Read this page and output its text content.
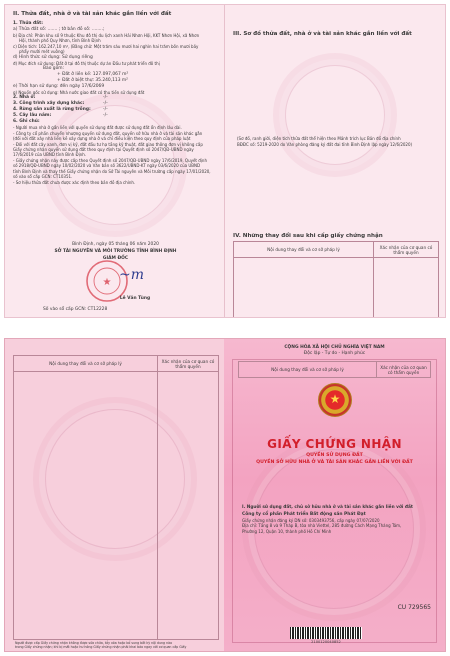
II. Thửa đất, nhà ở và tài sản khác gắn liền với đất
1. Thửa đất:
a) Thửa đất số: ....... ; tờ bản đồ số: ........;
b) Địa chỉ: Phân khu số 9 thuộc Khu đô thị du lịch xanh Hải Nhơn Hội, KKT Nhơn Hội, xã Nhơn
Hội, thành phố Quy Nhơn, tỉnh Bình Định
c) Diện tích: 162.247,10 m², (Bằng chữ: Một trăm sáu mươi hai nghìn hai trăm bốn mươi bảy
phẩy mười mét vuông)
d) Hình thức sử dụng: Sử dụng riêng
đ) Mục đích sử dụng: Đất ở tại đô thị thuộc dự án Đầu tư phát triển đô thị
Bao gồm:
+ Đất ở liền kề: 127.097,067 m²
+ Đất ở biệt thự: 35.240,113 m²
e) Thời hạn sử dụng: đến ngày 17/6/2069
g) Nguồn gốc sử dụng: Nhà nước giao đất có thu tiền sử dụng đất
2. Nhà ở:	-/-
3. Công trình xây dựng khác:	-/-
4. Rừng sản xuất là rừng trồng:	-/-
5. Cây lâu năm:	-/-
6. Ghi chú:
- Người mua nhà ở gắn liền với quyền sử dụng đất được sử dụng đất ổn định lâu dài.
- Công ty cổ phần chuyển nhượng quyền sử dụng đất, quyền sở hữu nhà ở và tài sản khác gắn
(đối với đất xây nhà liền kề xây dựng nhà ở và chỉ điều kiện theo quy định của pháp luật
- Đối với đất cây xanh, đơn vị kỹ, đất đầu tư hạ tầng kỹ thuật, đất giao thông đơn vị không cấp
Giấy chứng nhận quyền sử dụng đất theo quy định tại Quyết định số 2047/QĐ-UBND ngày
17/6/2019 của UBND tỉnh Bình Định.
- Giấy chứng nhận này được cấp theo Quyết định số 2047/QĐ-UBND ngày 17/6/2019, Quyết định
số 2918/QĐ-UBND ngày 10/02/2020 và Văn bản số 3622/UBND-KT ngày 03/6/2020 của UBND
tỉnh Bình Định và thay thế Giấy chứng nhận do Sở Tài nguyên và Môi trường cấp ngày 17/01/2020,
số vào sổ cấp GCN: CT10351.
- Sơ hiệu thửa đất chưa được xác định theo bản đồ địa chính.
Bình Định, ngày 05 tháng 06 năm 2020
SỞ TÀI NGUYÊN VÀ MÔI TRƯỜNG TỈNH BÌNH ĐỊNH
GIÁM ĐỐC
★ ~m
Lê Văn Tùng
Số vào sổ cấp GCN: CT12228
III. Sơ đồ thửa đất, nhà ở và tài sản khác gắn liền với đất
(Sơ đồ, ranh giới, diện tích thửa đất thể hiện theo Mảnh trích lục Bản đồ địa chính
BĐĐC số: 5219-2020 do Văn phòng đăng ký đất đai tỉnh Bình Định lập ngày 12/6/2020)
IV. Những thay đổi sau khi cấp giấy chứng nhận
Nội dung thay đổi và cơ sở pháp lý	Xác nhận của cơ quan có thẩm quyền

Nội dung thay đổi và cơ sở pháp lý	Xác nhận của cơ quan có thẩm quyền

Người được cấp Giấy chứng nhận không được sửa chữa, tẩy xóa hoặc bổ sung bất kỳ nội dung nào
trong Giấy chứng nhận; khi bị mất hoặc hư hỏng Giấy chứng nhận phải khai báo ngay với cơ quan cấp Giấy
CỘNG HÒA XÃ HỘI CHỦ NGHĨA VIỆT NAM
Độc lập - Tự do - Hạnh phúc
Nội dung thay đổi và cơ sở pháp lý	Xác nhận của cơ quan có thẩm quyền
★
GIẤY CHỨNG NHẬN
QUYỀN SỬ DỤNG ĐẤT
QUYỀN SỞ HỮU NHÀ Ở VÀ TÀI SẢN KHÁC GẮN LIỀN VỚI ĐẤT
I. Người sử dụng đất, chủ sở hữu nhà ở và tài sản khác gắn liền với đất
Công ty cổ phần Phát triển Bất động sản Phát Đạt
Giấy chứng nhận đăng ký DN số: 0303493756, cấp ngày 07/07/2020
Địa chỉ: Tầng 8 và 9 Tháp B, tòa nhà Viettel, 285 đường Cách Mạng Tháng Tám,
Phường 12, Quận 10, thành phố Hồ Chí Minh
CU 729565
2100120040852
